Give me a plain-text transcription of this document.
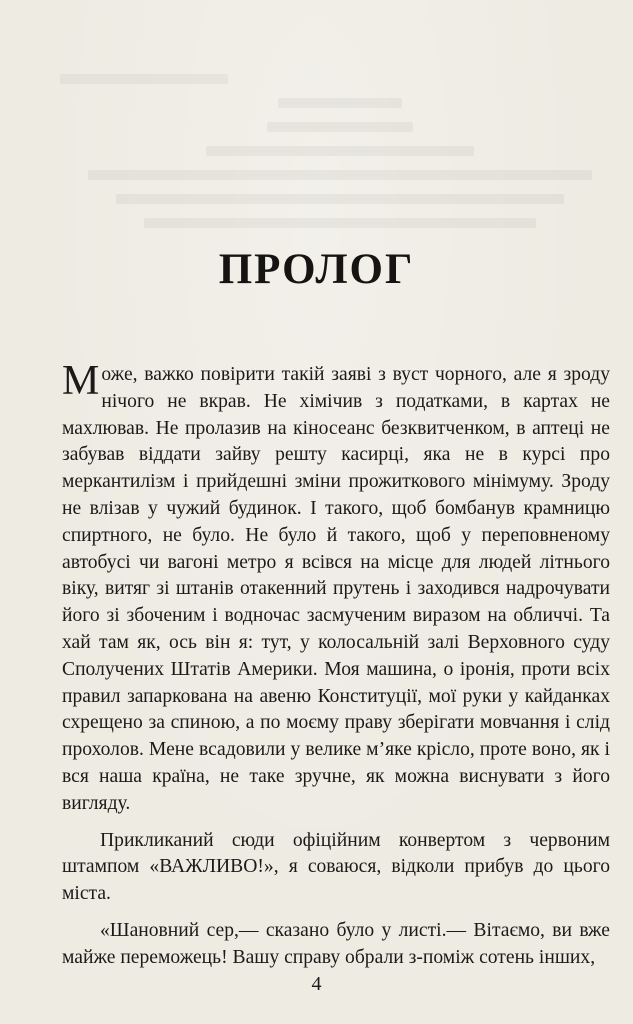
ПРОЛОГ

Може, важко повірити такій заяві з вуст чорного, але я зроду нічого не вкрав. Не хімічив з податками, в картах не махлював. Не пролазив на кіносеанс безквитченком, в аптеці не забував віддати зайву решту касирці, яка не в курсі про меркантилізм і прийдешні зміни прожиткового мінімуму. Зроду не влізав у чужий будинок. І такого, щоб бомбанув крамницю спиртного, не було. Не було й такого, щоб у переповненому автобусі чи вагоні метро я всівся на місце для людей літнього віку, витяг зі штанів отакенний прутень і заходився надрочувати його зі збоченим і водночас засмученим виразом на обличчі. Та хай там як, ось він я: тут, у колосальній залі Верховного суду Сполучених Штатів Америки. Моя машина, о іронія, проти всіх правил запаркована на авеню Конституції, мої руки у кайданках схрещено за спиною, а по моєму праву зберігати мовчання і слід прохолов. Мене всадовили у велике м’яке крісло, проте воно, як і вся наша країна, не таке зручне, як можна виснувати з його вигляду.

Прикликаний сюди офіційним конвертом з червоним штампом «ВАЖЛИВО!», я соваюся, відколи прибув до цього міста.

«Шановний сер,— сказано було у листі.— Вітаємо, ви вже майже переможець! Вашу справу обрали з-поміж сотень інших,

4
